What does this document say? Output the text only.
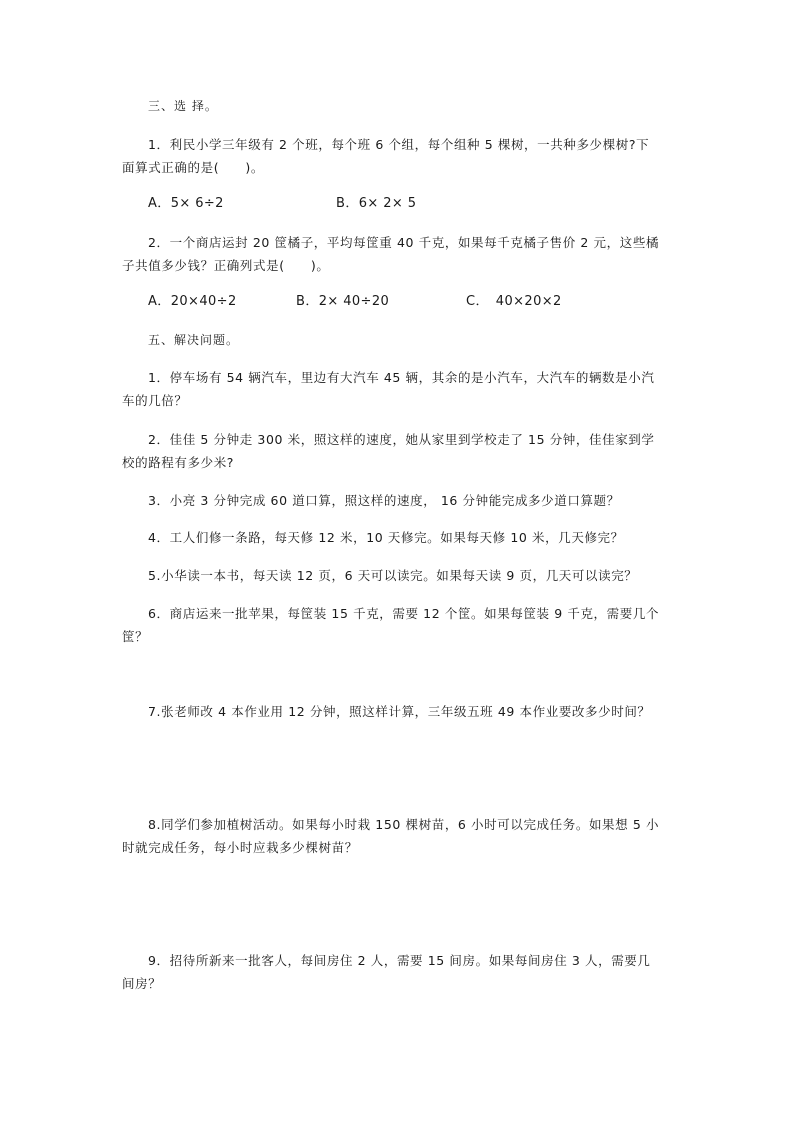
三、选 择。
1．利民小学三年级有 2 个班，每个班 6 个组，每个组种 5 棵树，一共种多少棵树?下
面算式正确的是(　　)。
A．5× 6÷2	B．6× 2× 5
2．一个商店运封 20 筐橘子，平均每筐重 40 千克，如果每千克橘子售价 2 元，这些橘
子共值多少钱？正确列式是(　　)。
A．20×40÷2	B．2× 40÷20	C．　40×20×2
五、解决问题。
1．停车场有 54 辆汽车，里边有大汽车 45 辆，其余的是小汽车，大汽车的辆数是小汽
车的几倍？
2．佳佳 5 分钟走 300 米，照这样的速度，她从家里到学校走了 15 分钟，佳佳家到学
校的路程有多少米?
3．小亮 3 分钟完成 60 道口算，照这样的速度， 16 分钟能完成多少道口算题？
4．工人们修一条路，每天修 12 米，10 天修完。如果每天修 10 米，几天修完？
5.小华读一本书，每天读 12 页，6 天可以读完。如果每天读 9 页，几天可以读完？
6．商店运来一批苹果，每筐装 15 千克，需要 12 个筐。如果每筐装 9 千克，需要几个
筐？
7.张老师改 4 本作业用 12 分钟，照这样计算，三年级五班 49 本作业要改多少时间？
8.同学们参加植树活动。如果每小时栽 150 棵树苗，6 小时可以完成任务。如果想 5 小
时就完成任务，每小时应栽多少棵树苗？
9．招待所新来一批客人，每间房住 2 人，需要 15 间房。如果每间房住 3 人，需要几
间房？
